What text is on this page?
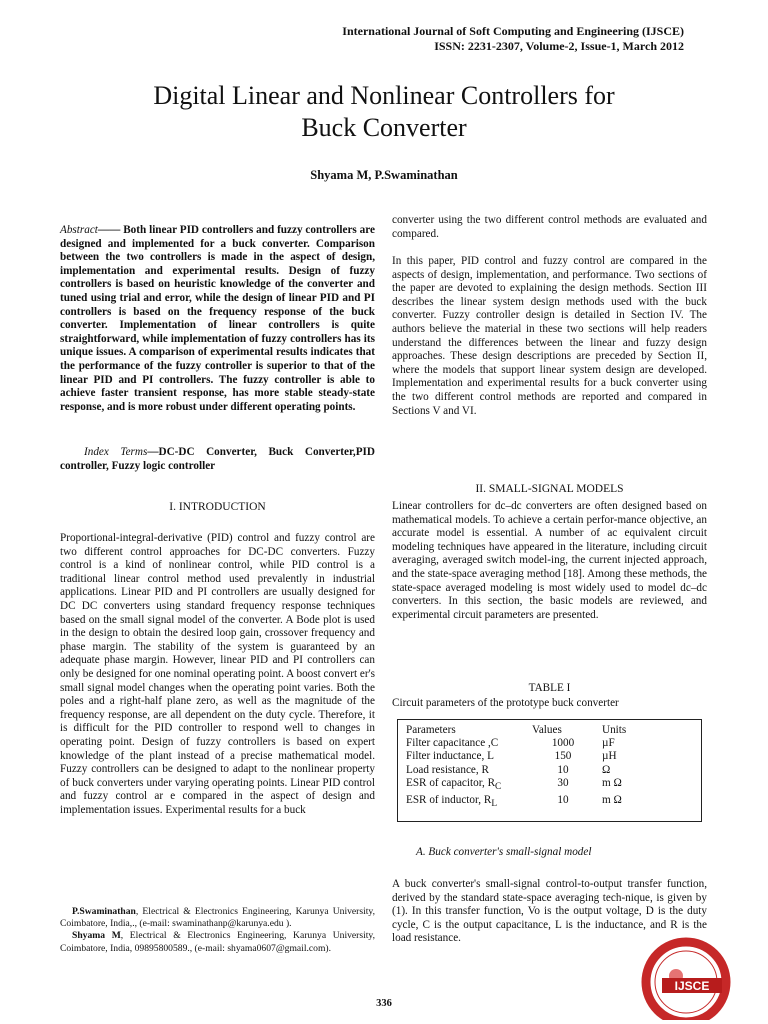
International Journal of Soft Computing and Engineering (IJSCE)
ISSN: 2231-2307, Volume-2, Issue-1, March 2012
Digital Linear and Nonlinear Controllers for
Buck Converter
Shyama M, P.Swaminathan

Abstract—— Both linear PID controllers and fuzzy controllers are designed and implemented for a buck converter. Comparison between the two controllers is made in the aspect of design, implementation and experimental results. Design of fuzzy controllers is based on heuristic knowledge of the converter and tuned using trial and error, while the design of linear PID and PI controllers is based on the frequency response of the buck converter. Implementation of linear controllers is quite straightforward, while implementation of fuzzy controllers has its unique issues. A comparison of experimental results indicates that the performance of the fuzzy controller is superior to that of the linear PID and PI controllers. The fuzzy controller is able to achieve faster transient response, has more stable steady-state response, and is more robust under different operating points.

Index Terms—DC-DC Converter, Buck Converter,PID controller, Fuzzy logic controller

I. INTRODUCTION

Proportional-integral-derivative (PID) control and fuzzy control are two different control approaches for DC-DC converters. Fuzzy control is a kind of nonlinear control, while PID control is a traditional linear control method used prevalently in industrial applications. Linear PID and PI controllers are usually designed for DC DC converters using standard frequency response techniques based on the small signal model of the converter. A Bode plot is used in the design to obtain the desired loop gain, crossover frequency and phase margin. The stability of the system is guaranteed by an adequate phase margin. However, linear PID and PI controllers can only be designed for one nominal operating point. A boost convert er's small signal model changes when the operating point varies. Both the poles and a right-half plane zero, as well as the magnitude of the frequency response, are all dependent on the duty cycle. Therefore, it is difficult for the PID controller to respond well to changes in operating point. Design of fuzzy controllers is based on expert knowledge of the plant instead of a precise mathematical model. Fuzzy controllers can be designed to adapt to the nonlinear property of buck converters under varying operating points. Linear PID control and fuzzy control ar e compared in the aspect of design and implementation issues. Experimental results for a buck

P.Swaminathan, Electrical & Electronics Engineering, Karunya University, Coimbatore, India,., (e-mail: swaminathanp@karunya.edu ).

Shyama M, Electrical & Electronics Engineering, Karunya University, Coimbatore, India, 09895800589., (e-mail: shyama0607@gmail.com).

converter using the two different control methods are evaluated and compared.

In this paper, PID control and fuzzy control are compared in the aspects of design, implementation, and performance. Two sections of the paper are devoted to explaining the design methods. Section III describes the linear system design methods used with the buck converter. Fuzzy controller design is detailed in Section IV. The authors believe the material in these two sections will help readers understand the differences between the linear and fuzzy design approaches. These design descriptions are preceded by Section II, where the models that support linear system design are developed. Implementation and experimental results for a buck converter using the two different control methods are reported and compared in Sections V and VI.

II. SMALL-SIGNAL MODELS

Linear controllers for dc–dc converters are often designed based on mathematical models. To achieve a certain perfor-mance objective, an accurate model is essential. A number of ac equivalent circuit modeling techniques have appeared in the literature, including circuit averaging, averaged switch model-ing, the current injected approach, and the state-space averaging method [18]. Among these methods, the state-space averaged modeling is most widely used to model dc–dc converters. In this section, the basic models are reviewed, and experimental circuit parameters are presented.

TABLE I
Circuit parameters of the prototype buck converter
Parameters	Values	Units
Filter capacitance ,C	1000	µF
Filter inductance, L	150	µH
Load resistance, R	10	Ω
ESR of capacitor, $R_C$	30	m Ω
ESR of inductor, $R_L$	10	m Ω
A. Buck converter's small-signal model

A buck converter's small-signal control-to-output transfer function, derived by the standard state-space averaging tech-nique, is given by (1). In this transfer function, Vo is the output voltage, D is the duty cycle, C is the output capacitance, L is the inductance, and R is the load resistance.

336
IJSCE
